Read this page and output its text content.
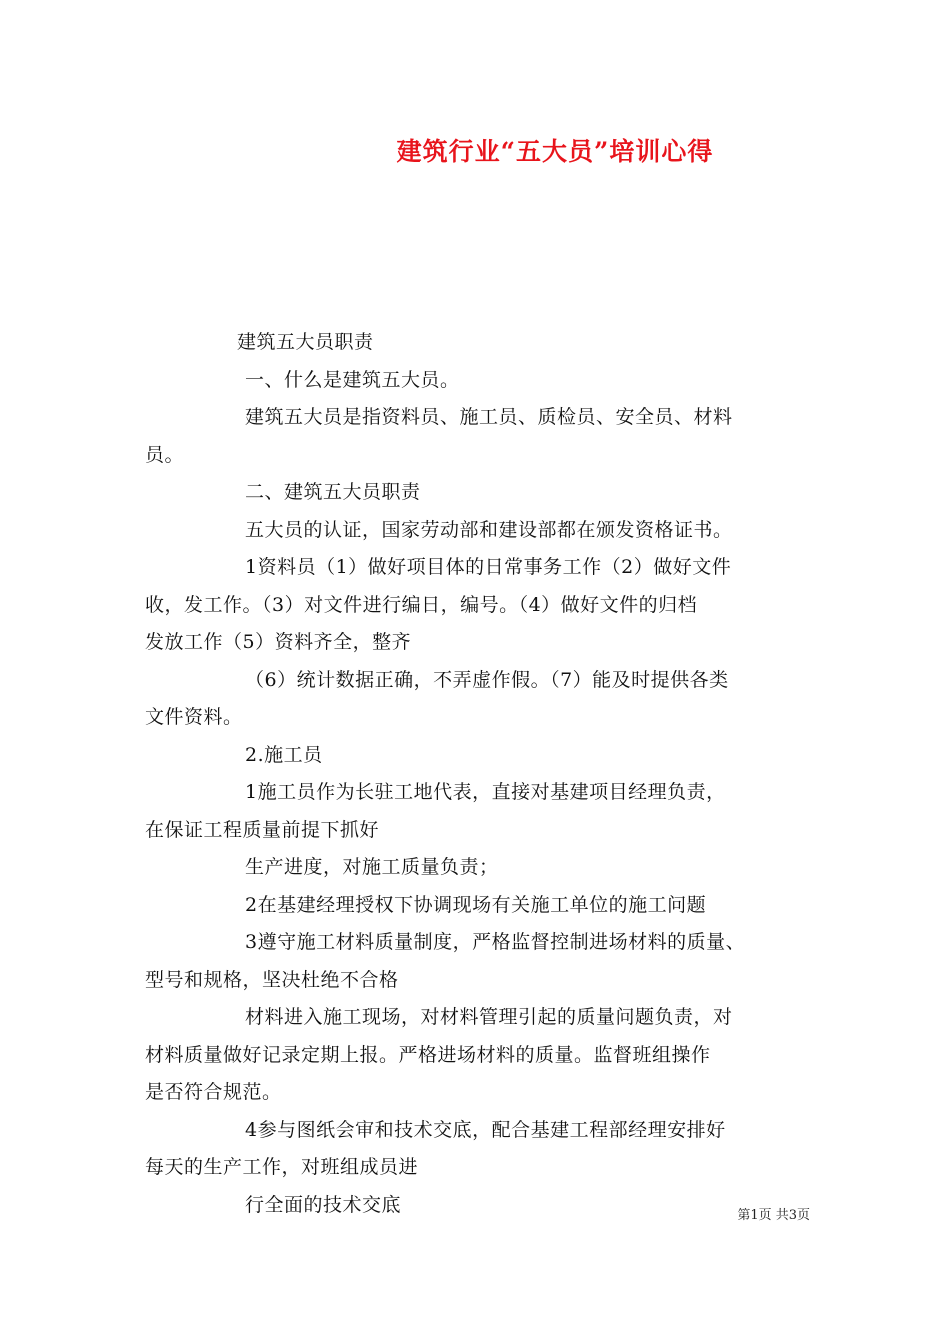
建筑行业“五大员”培训心得

建筑五大员职责

一、什么是建筑五大员。

建筑五大员是指资料员、施工员、质检员、安全员、材料

员。

二、建筑五大员职责

五大员的认证，国家劳动部和建设部都在颁发资格证书。

1资料员（1）做好项目体的日常事务工作（2）做好文件

收，发工作。（3）对文件进行编日，编号。（4）做好文件的归档

发放工作（5）资料齐全，整齐

（6）统计数据正确，不弄虚作假。（7）能及时提供各类

文件资料。

2.施工员

1施工员作为长驻工地代表，直接对基建项目经理负责，

在保证工程质量前提下抓好

生产进度，对施工质量负责；

2在基建经理授权下协调现场有关施工单位的施工问题

3遵守施工材料质量制度，严格监督控制进场材料的质量、

型号和规格，坚决杜绝不合格

材料进入施工现场，对材料管理引起的质量问题负责，对

材料质量做好记录定期上报。严格进场材料的质量。监督班组操作

是否符合规范。

4参与图纸会审和技术交底，配合基建工程部经理安排好

每天的生产工作，对班组成员进

行全面的技术交底	第1页 共3页
